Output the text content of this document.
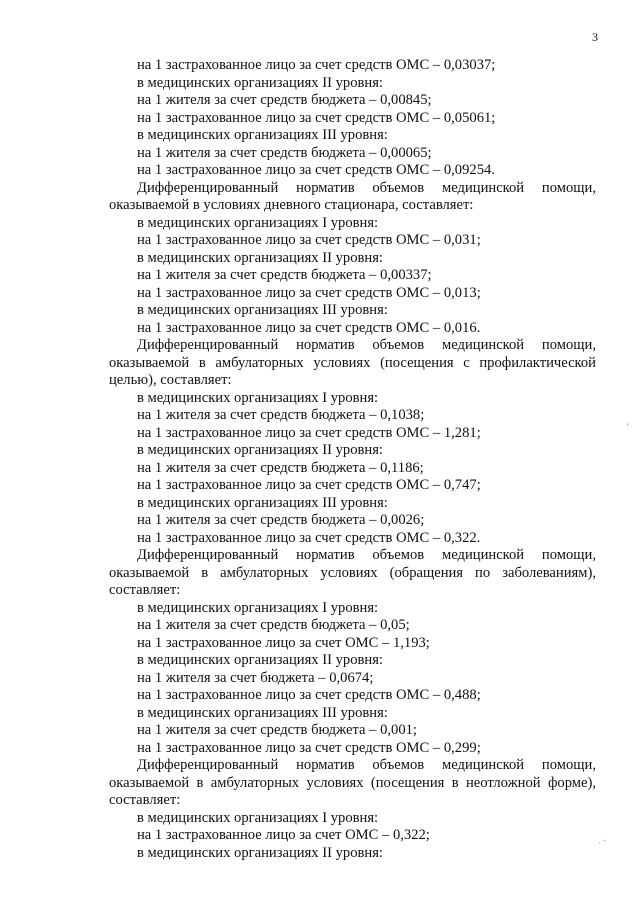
3
на 1 застрахованное лицо за счет средств ОМС – 0,03037;
в медицинских организациях II уровня:
на 1 жителя за счет средств бюджета – 0,00845;
на 1 застрахованное лицо за счет средств ОМС – 0,05061;
в медицинских организациях III уровня:
на 1 жителя за счет средств бюджета – 0,00065;
на 1 застрахованное лицо за счет средств ОМС – 0,09254.
Дифференцированный норматив объемов медицинской помощи, оказываемой в условиях дневного стационара, составляет:
в медицинских организациях I уровня:
на 1 застрахованное лицо за счет средств ОМС – 0,031;
в медицинских организациях II уровня:
на 1 жителя за счет средств бюджета – 0,00337;
на 1 застрахованное лицо за счет средств ОМС – 0,013;
в медицинских организациях III уровня:
на 1 застрахованное лицо за счет средств ОМС – 0,016.
Дифференцированный норматив объемов медицинской помощи, оказываемой в амбулаторных условиях (посещения с профилактической целью), составляет:
в медицинских организациях I уровня:
на 1 жителя за счет средств бюджета – 0,1038;
на 1 застрахованное лицо за счет средств ОМС – 1,281;
в медицинских организациях II уровня:
на 1 жителя за счет средств бюджета – 0,1186;
на 1 застрахованное лицо за счет средств ОМС – 0,747;
в медицинских организациях III уровня:
на 1 жителя за счет средств бюджета – 0,0026;
на 1 застрахованное лицо за счет средств ОМС – 0,322.
Дифференцированный норматив объемов медицинской помощи, оказываемой в амбулаторных условиях (обращения по заболеваниям), составляет:
в медицинских организациях I уровня:
на 1 жителя за счет средств бюджета – 0,05;
на 1 застрахованное лицо за счет ОМС – 1,193;
в медицинских организациях II уровня:
на 1 жителя за счет бюджета – 0,0674;
на 1 застрахованное лицо за счет средств ОМС – 0,488;
в медицинских организациях III уровня:
на 1 жителя за счет средств бюджета – 0,001;
на 1 застрахованное лицо за счет средств ОМС – 0,299;
Дифференцированный норматив объемов медицинской помощи, оказываемой в амбулаторных условиях (посещения в неотложной форме), составляет:
в медицинских организациях I уровня:
на 1 застрахованное лицо за счет ОМС – 0,322;
в медицинских организациях II уровня:
‘
. ·
